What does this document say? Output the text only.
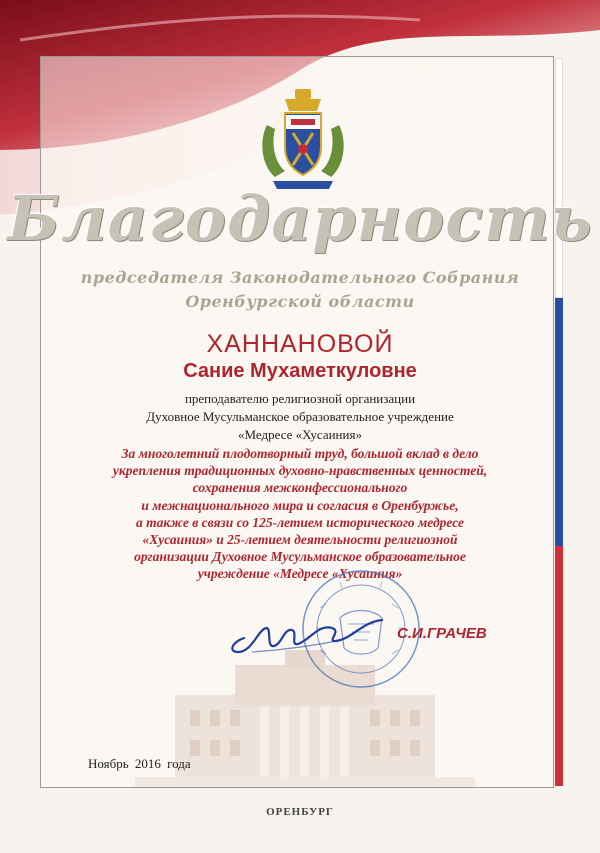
Благодарность
председателя Законодательного Собрания
Оренбургской области
ХАННАНОВОЙ
Сание Мухаметкуловне
преподавателю религиозной организации
Духовное Мусульманское образовательное учреждение
«Медресе «Хусаиния»
За многолетний плодотворный труд, большой вклад в дело
укрепления традиционных духовно-нравственных ценностей,
сохранения межконфессионального
и межнационального мира и согласия в Оренбуржье,
а также в связи со 125-летием исторического медресе
«Хусаиния» и 25-летием деятельности религиозной
организации Духовное Мусульманское образовательное
учреждение «Медресе «Хусаиния»
С.И.ГРАЧЕВ
Ноябрь 2016 года
ОРЕНБУРГ
